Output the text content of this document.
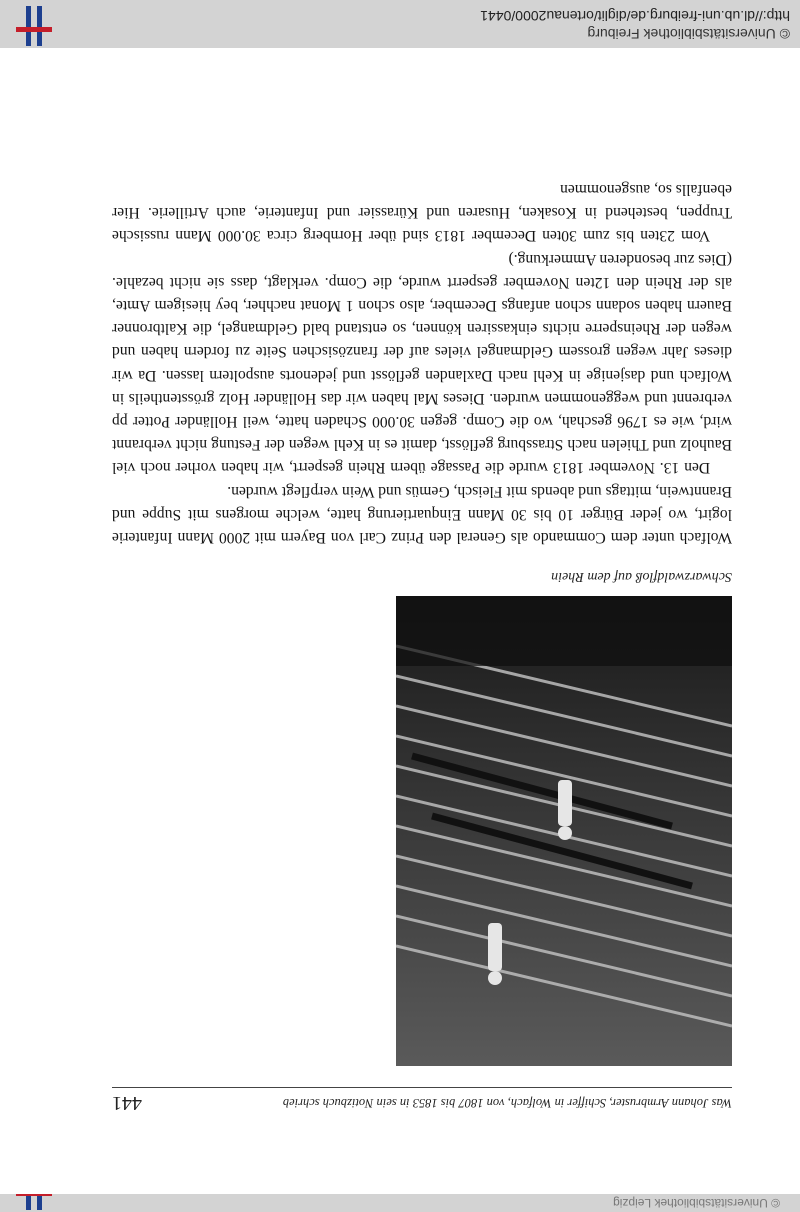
© Universitätsbibliothek Leipzig
Was Johann Armbruster, Schiffer in Wolfach, von 1807 bis 1853 in sein Notizbuch schrieb
441
Schwarzwaldfloß auf dem Rhein

Wolfach unter dem Commando als General den Prinz Carl von Bayern mit 2000 Mann Infanterie logirt, wo jeder Bürger 10 bis 30 Mann Einquartierung hatte, welche morgens mit Suppe und Branntwein, mittags und abends mit Fleisch, Gemüs und Wein verpflegt wurden.

Den 13. November 1813 wurde die Passage übern Rhein gesperrt, wir haben vorher noch viel Bauholz und Thielen nach Strassburg geflösst, damit es in Kehl wegen der Festung nicht verbrannt wird, wie es 1796 geschah, wo die Comp. gegen 30.000 Schaden hatte, weil Holländer Potter pp verbrennt und weggenommen wurden. Dieses Mal haben wir das Holländer Holz grösstentheils in Wolfach und dasjenige in Kehl nach Daxlanden geflösst und jedenorts auspoltern lassen. Da wir dieses Jahr wegen grossem Geldmangel vieles auf der französischen Seite zu fordern haben und wegen der Rheinsperre nichts einkassiren können, so entstand bald Geldmangel, die Kaltbronner Bauern haben sodann schon anfangs December, also schon 1 Monat nachher, bey hiesigem Amte, als der Rhein den 12ten November gesperrt wurde, die Comp. verklagt, dass sie nicht bezahle. (Dies zur besonderen Ammerkung.)

Vom 23ten bis zum 30ten December 1813 sind über Hornberg circa 30.000 Mann russische Truppen, bestehend in Kosaken, Husaren und Kürassier und Infanterie, auch Artillerie. Hier ebenfalls so, ausgenommen

© Universitätsbibliothek Freiburg
http://dl.ub.uni-freiburg.de/diglit/ortenau2000/0441
